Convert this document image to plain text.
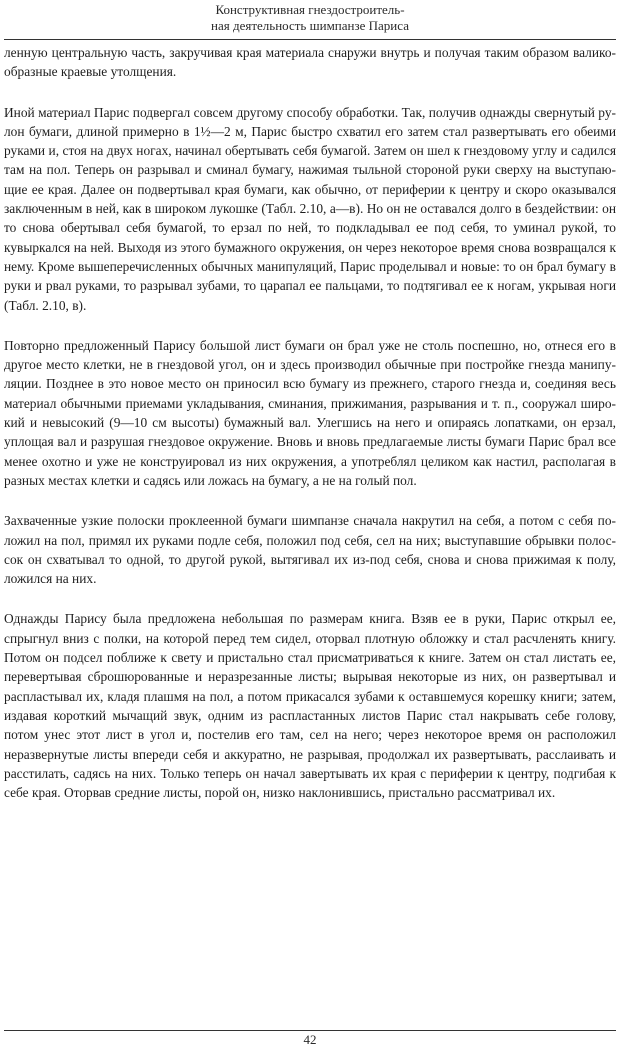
Конструктивная гнездостроитель-
ная деятельность шимпанзе Париса

ленную центральную часть, закручивая края материала снаружи внутрь и получая таким образом валикообразные краевые утолщения.

Иной материал Парис подвергал совсем другому способу обработки. Так, получив однажды свернутый рулон бумаги, длиной примерно в 1½—2 м, Парис быстро схватил его затем стал развертывать его обеими руками и, стоя на двух ногах, начинал обертывать себя бумагой. Затем он шел к гнездовому углу и садился там на пол. Теперь он разрывал и сминал бумагу, нажимая тыльной стороной руки сверху на выступающие ее края. Далее он подвертывал края бумаги, как обычно, от периферии к центру и скоро оказывался заключенным в ней, как в широком лукошке (Табл. 2.10, а—в). Но он не оставался долго в бездействии: он то снова обертывал себя бумагой, то ерзал по ней, то подкладывал ее под себя, то уминал рукой, то кувыркался на ней. Выходя из этого бумажного окружения, он через некоторое время снова возвращался к нему. Кроме вышеперечисленных обычных манипуляций, Парис проделывал и новые: то он брал бумагу в руки и рвал руками, то разрывал зубами, то царапал ее пальцами, то подтягивал ее к ногам, укрывая ноги (Табл. 2.10, в).

Повторно предложенный Парису большой лист бумаги он брал уже не столь поспешно, но, отнеся его в другое место клетки, не в гнездовой угол, он и здесь производил обычные при постройке гнезда манипуляции. Позднее в это новое место он приносил всю бумагу из прежнего, старого гнезда и, соединяя весь материал обычными приемами укладывания, сминания, прижимания, разрывания и т. п., сооружал широкий и невысокий (9—10 см высоты) бумажный вал. Улегшись на него и опираясь лопатками, он ерзал, уплощая вал и разрушая гнездовое окружение. Вновь и вновь предлагаемые листы бумаги Парис брал все менее охотно и уже не конструировал из них окружения, а употреблял целиком как настил, располагая в разных местах клетки и садясь или ложась на бумагу, а не на голый пол.

Захваченные узкие полоски проклеенной бумаги шимпанзе сначала накрутил на себя, а потом с себя положил на пол, примял их руками подле себя, положил под себя, сел на них; выступавшие обрывки полоссок он схватывал то одной, то другой рукой, вытягивал их из-под себя, снова и снова прижимая к полу, ложился на них.

Однажды Парису была предложена небольшая по размерам книга. Взяв ее в руки, Парис открыл ее, спрыгнул вниз с полки, на которой перед тем сидел, оторвал плотную обложку и стал расчленять книгу. Потом он подсел поближе к свету и пристально стал присматриваться к книге. Затем он стал листать ее, перевертывая сброшюрованные и неразрезанные листы; вырывая некоторые из них, он развертывал и распластывал их, кладя плашмя на пол, а потом прикасался зубами к оставшемуся корешку книги; затем, издавая короткий мычащий звук, одним из распластанных листов Парис стал накрывать себе голову, потом унес этот лист в угол и, постелив его там, сел на него; через некоторое время он расположил неразвернутые листы впереди себя и аккуратно, не разрывая, продолжал их развертывать, расслаивать и расстилать, садясь на них. Только теперь он начал завертывать их края с периферии к центру, подгибая к себе края. Оторвав средние листы, порой он, низко наклонившись, пристально рассматривал их.

42
